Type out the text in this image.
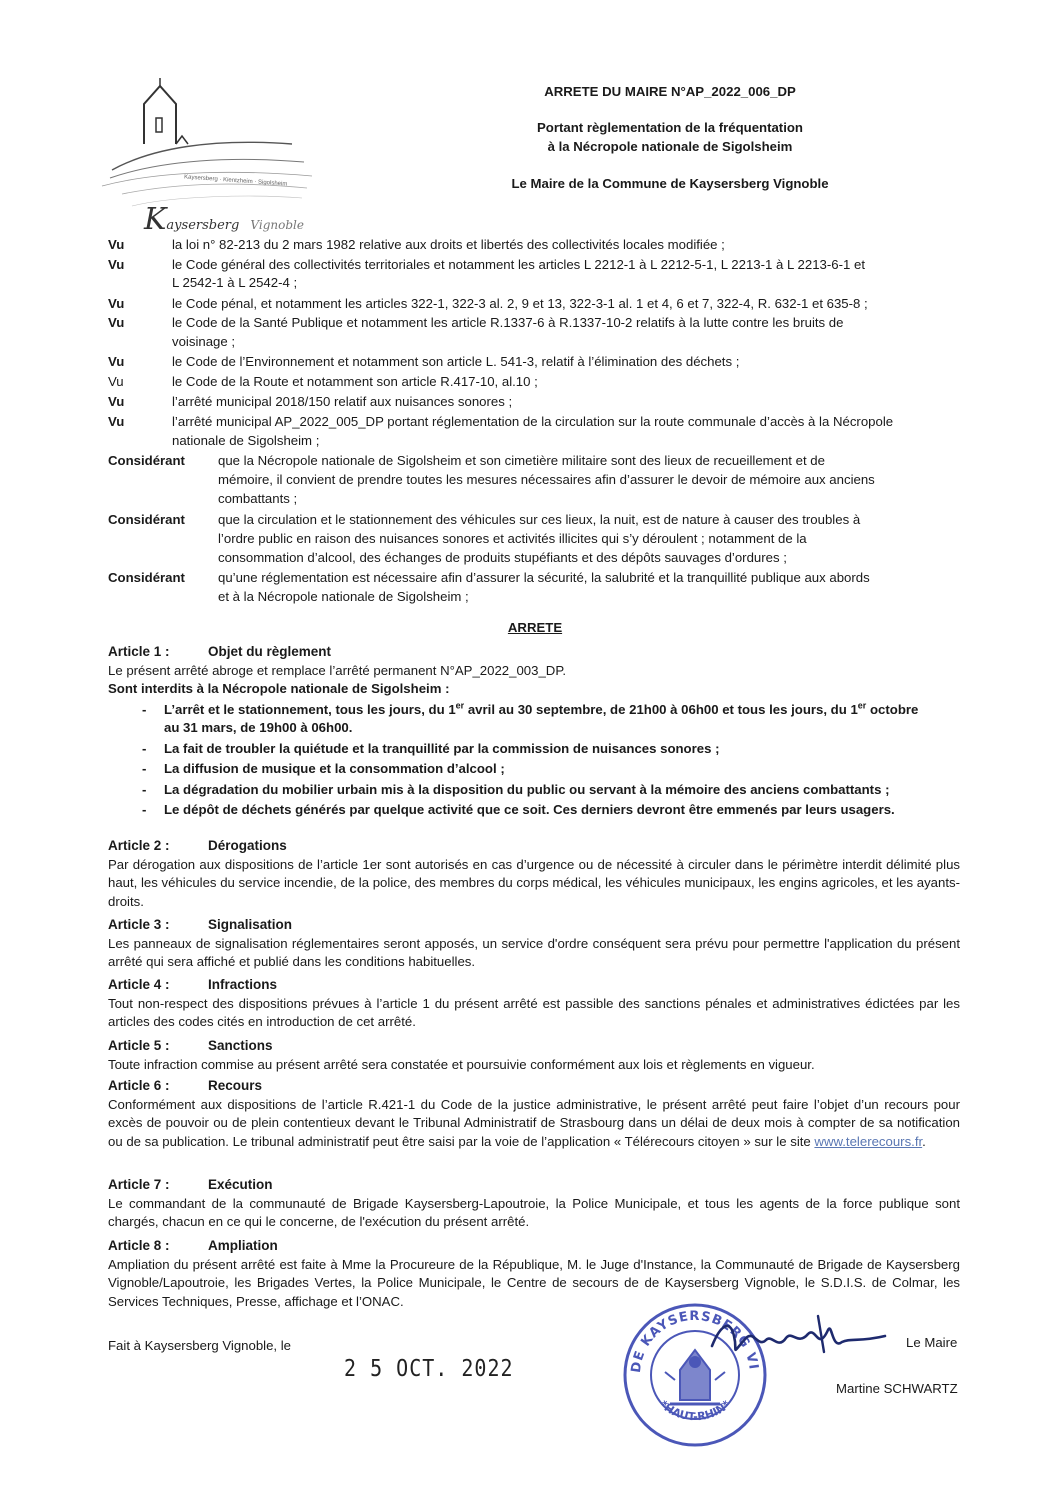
Kaysersberg · Kientzheim · Sigolsheim
Kaysersberg Vignoble
ARRETE DU MAIRE N°AP_2022_006_DP
Portant règlementation de la fréquentation
à la Nécropole nationale de Sigolsheim
Le Maire de la Commune de Kaysersberg Vignoble
Vu	la loi n° 82-213 du 2 mars 1982 relative aux droits et libertés des collectivités locales modifiée ;
Vu	le Code général des collectivités territoriales et notamment les articles L 2212-1 à L 2212-5-1, L 2213-1 à L 2213-6-1 et
L 2542-1 à L 2542-4 ;
Vu	le Code pénal, et notamment les articles 322-1, 322-3 al. 2, 9 et 13, 322-3-1 al. 1 et 4, 6 et 7, 322-4, R. 632-1 et 635-8 ;
Vu	le Code de la Santé Publique et notamment les article R.1337-6 à R.1337-10-2 relatifs à la lutte contre les bruits de
voisinage ;
Vu	le Code de l’Environnement et notamment son article L. 541-3, relatif à l’élimination des déchets ;
Vu	le Code de la Route et notamment son article R.417-10, al.10 ;
Vu	l’arrêté municipal 2018/150 relatif aux nuisances sonores ;
Vu	l’arrêté municipal AP_2022_005_DP portant réglementation de la circulation sur la route communale d’accès à la Nécropole
nationale de Sigolsheim ;
Considérant	que la Nécropole nationale de Sigolsheim et son cimetière militaire sont des lieux de recueillement et de
mémoire, il convient de prendre toutes les mesures nécessaires afin d’assurer le devoir de mémoire aux anciens
combattants ;
Considérant	que la circulation et le stationnement des véhicules sur ces lieux, la nuit, est de nature à causer des troubles à
l’ordre public en raison des nuisances sonores et activités illicites qui s’y déroulent ; notamment de la
consommation d’alcool, des échanges de produits stupéfiants et des dépôts sauvages d’ordures ;
Considérant	qu’une réglementation est nécessaire afin d’assurer la sécurité, la salubrité et la tranquillité publique aux abords
et à la Nécropole nationale de Sigolsheim ;
ARRETE
Article 1 :	Objet du règlement
Le présent arrêté abroge et remplace l’arrêté permanent N°AP_2022_003_DP.
Sont interdits à la Nécropole nationale de Sigolsheim :
- L’arrêt et le stationnement, tous les jours, du 1er avril au 30 septembre, de 21h00 à 06h00 et tous les jours, du 1er octobre
au 31 mars, de 19h00 à 06h00.
- La fait de troubler la quiétude et la tranquillité par la commission de nuisances sonores ;
- La diffusion de musique et la consommation d’alcool ;
- La dégradation du mobilier urbain mis à la disposition du public ou servant à la mémoire des anciens combattants ;
- Le dépôt de déchets générés par quelque activité que ce soit. Ces derniers devront être emmenés par leurs usagers.
Article 2 :	Dérogations
Par dérogation aux dispositions de l’article 1er sont autorisés en cas d’urgence ou de nécessité à circuler dans le périmètre interdit délimité plus haut, les véhicules du service incendie, de la police, des membres du corps médical, les véhicules municipaux, les engins agricoles, et les ayants-droits.
Article 3 :	Signalisation
Les panneaux de signalisation réglementaires seront apposés, un service d'ordre conséquent sera prévu pour permettre l'application du présent arrêté qui sera affiché et publié dans les conditions habituelles.
Article 4 :	Infractions
Tout non-respect des dispositions prévues à l’article 1 du présent arrêté est passible des sanctions pénales et administratives édictées par les articles des codes cités en introduction de cet arrêté.
Article 5 :	Sanctions
Toute infraction commise au présent arrêté sera constatée et poursuivie conformément aux lois et règlements en vigueur.
Article 6 :	Recours
Conformément aux dispositions de l’article R.421-1 du Code de la justice administrative, le présent arrêté peut faire l’objet d’un recours pour excès de pouvoir ou de plein contentieux devant le Tribunal Administratif de Strasbourg dans un délai de deux mois à compter de sa notification ou de sa publication. Le tribunal administratif peut être saisi par la voie de l’application « Télérecours citoyen » sur le site www.telerecours.fr.
Article 7 :	Exécution
Le commandant de la communauté de Brigade Kaysersberg-Lapoutroie, la Police Municipale, et tous les agents de la force publique sont chargés, chacun en ce qui le concerne, de l'exécution du présent arrêté.
Article 8 :	Ampliation
Ampliation du présent arrêté est faite à Mme la Procureure de la République, M. le Juge d'Instance, la Communauté de Brigade de Kaysersberg Vignoble/Lapoutroie, les Brigades Vertes, la Police Municipale, le Centre de secours de de Kaysersberg Vignoble, le S.D.I.S. de Colmar, les Services Techniques, Presse, affichage et l’ONAC.
Fait à Kaysersberg Vignoble, le
2 5 OCT. 2022	DE KAYSERSBERG VI
*HAUT-RHIN*
Le Maire
Martine SCHWARTZ
